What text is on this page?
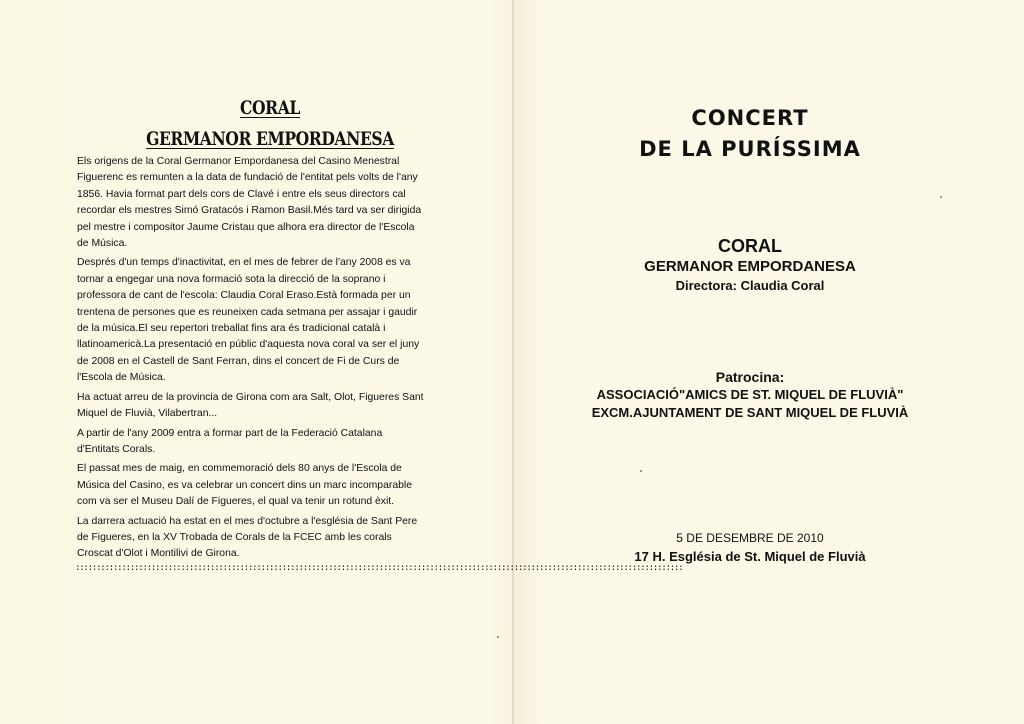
CORAL
GERMANOR EMPORDANESA

Els origens de la Coral Germanor Empordanesa del Casino Menestral Figuerenc es remunten a la data de fundació de l'entitat pels volts de l'any 1856. Havia format part dels cors de Clavé i entre els seus directors cal recordar els mestres Simó Gratacós i Ramon Basil.Més tard va ser dirigida pel mestre i compositor Jaume Cristau que alhora era director de l'Escola de Música.

Després d'un temps d'inactivitat, en el mes de febrer de l'any 2008 es va tornar a engegar una nova formació sota la direcció de la soprano i professora de cant de l'escola: Claudia Coral Eraso.Està formada per un trentena de persones que es reuneixen cada setmana per assajar i gaudir de la música.El seu repertori treballat fins ara és tradicional català i llatinoamericà.La presentació en públic d'aquesta nova coral va ser el juny de 2008 en el Castell de Sant Ferran, dins el concert de Fi de Curs de l'Escola de Música.

Ha actuat arreu de la provincia de Girona com ara Salt, Olot, Figueres Sant Miquel de Fluvià, Vilabertran...

A partir de l'any 2009 entra a formar part de la Federació Catalana d'Entitats Corals.

El passat mes de maig, en commemoració dels 80 anys de l'Escola de Música del Casino, es va celebrar un concert dins un marc incomparable com va ser el Museu Dalí de Figueres, el qual va tenir un rotund èxit.

La darrera actuació ha estat en el mes d'octubre a l'església de Sant Pere de Figueres, en la XV Trobada de Corals de la FCEC amb les corals Croscat d'Olot i Montilivi de Girona.

::::::::::::::::::::::::::::::::::::::::::::::::::::::::::::::::::::::::::::::::::::::::::::::::::::::::::::::::::::::::::::::::::::::::::::::::
CONCERT
DE LA PURÍSSIMA
CORAL
GERMANOR EMPORDANESA
Directora: Claudia Coral
Patrocina:
ASSOCIACIÓ"AMICS DE ST. MIQUEL DE FLUVIÀ"
EXCM.AJUNTAMENT DE SANT MIQUEL DE FLUVIÀ
5 DE DESEMBRE DE 2010
17 H. Església de St. Miquel de Fluvià
